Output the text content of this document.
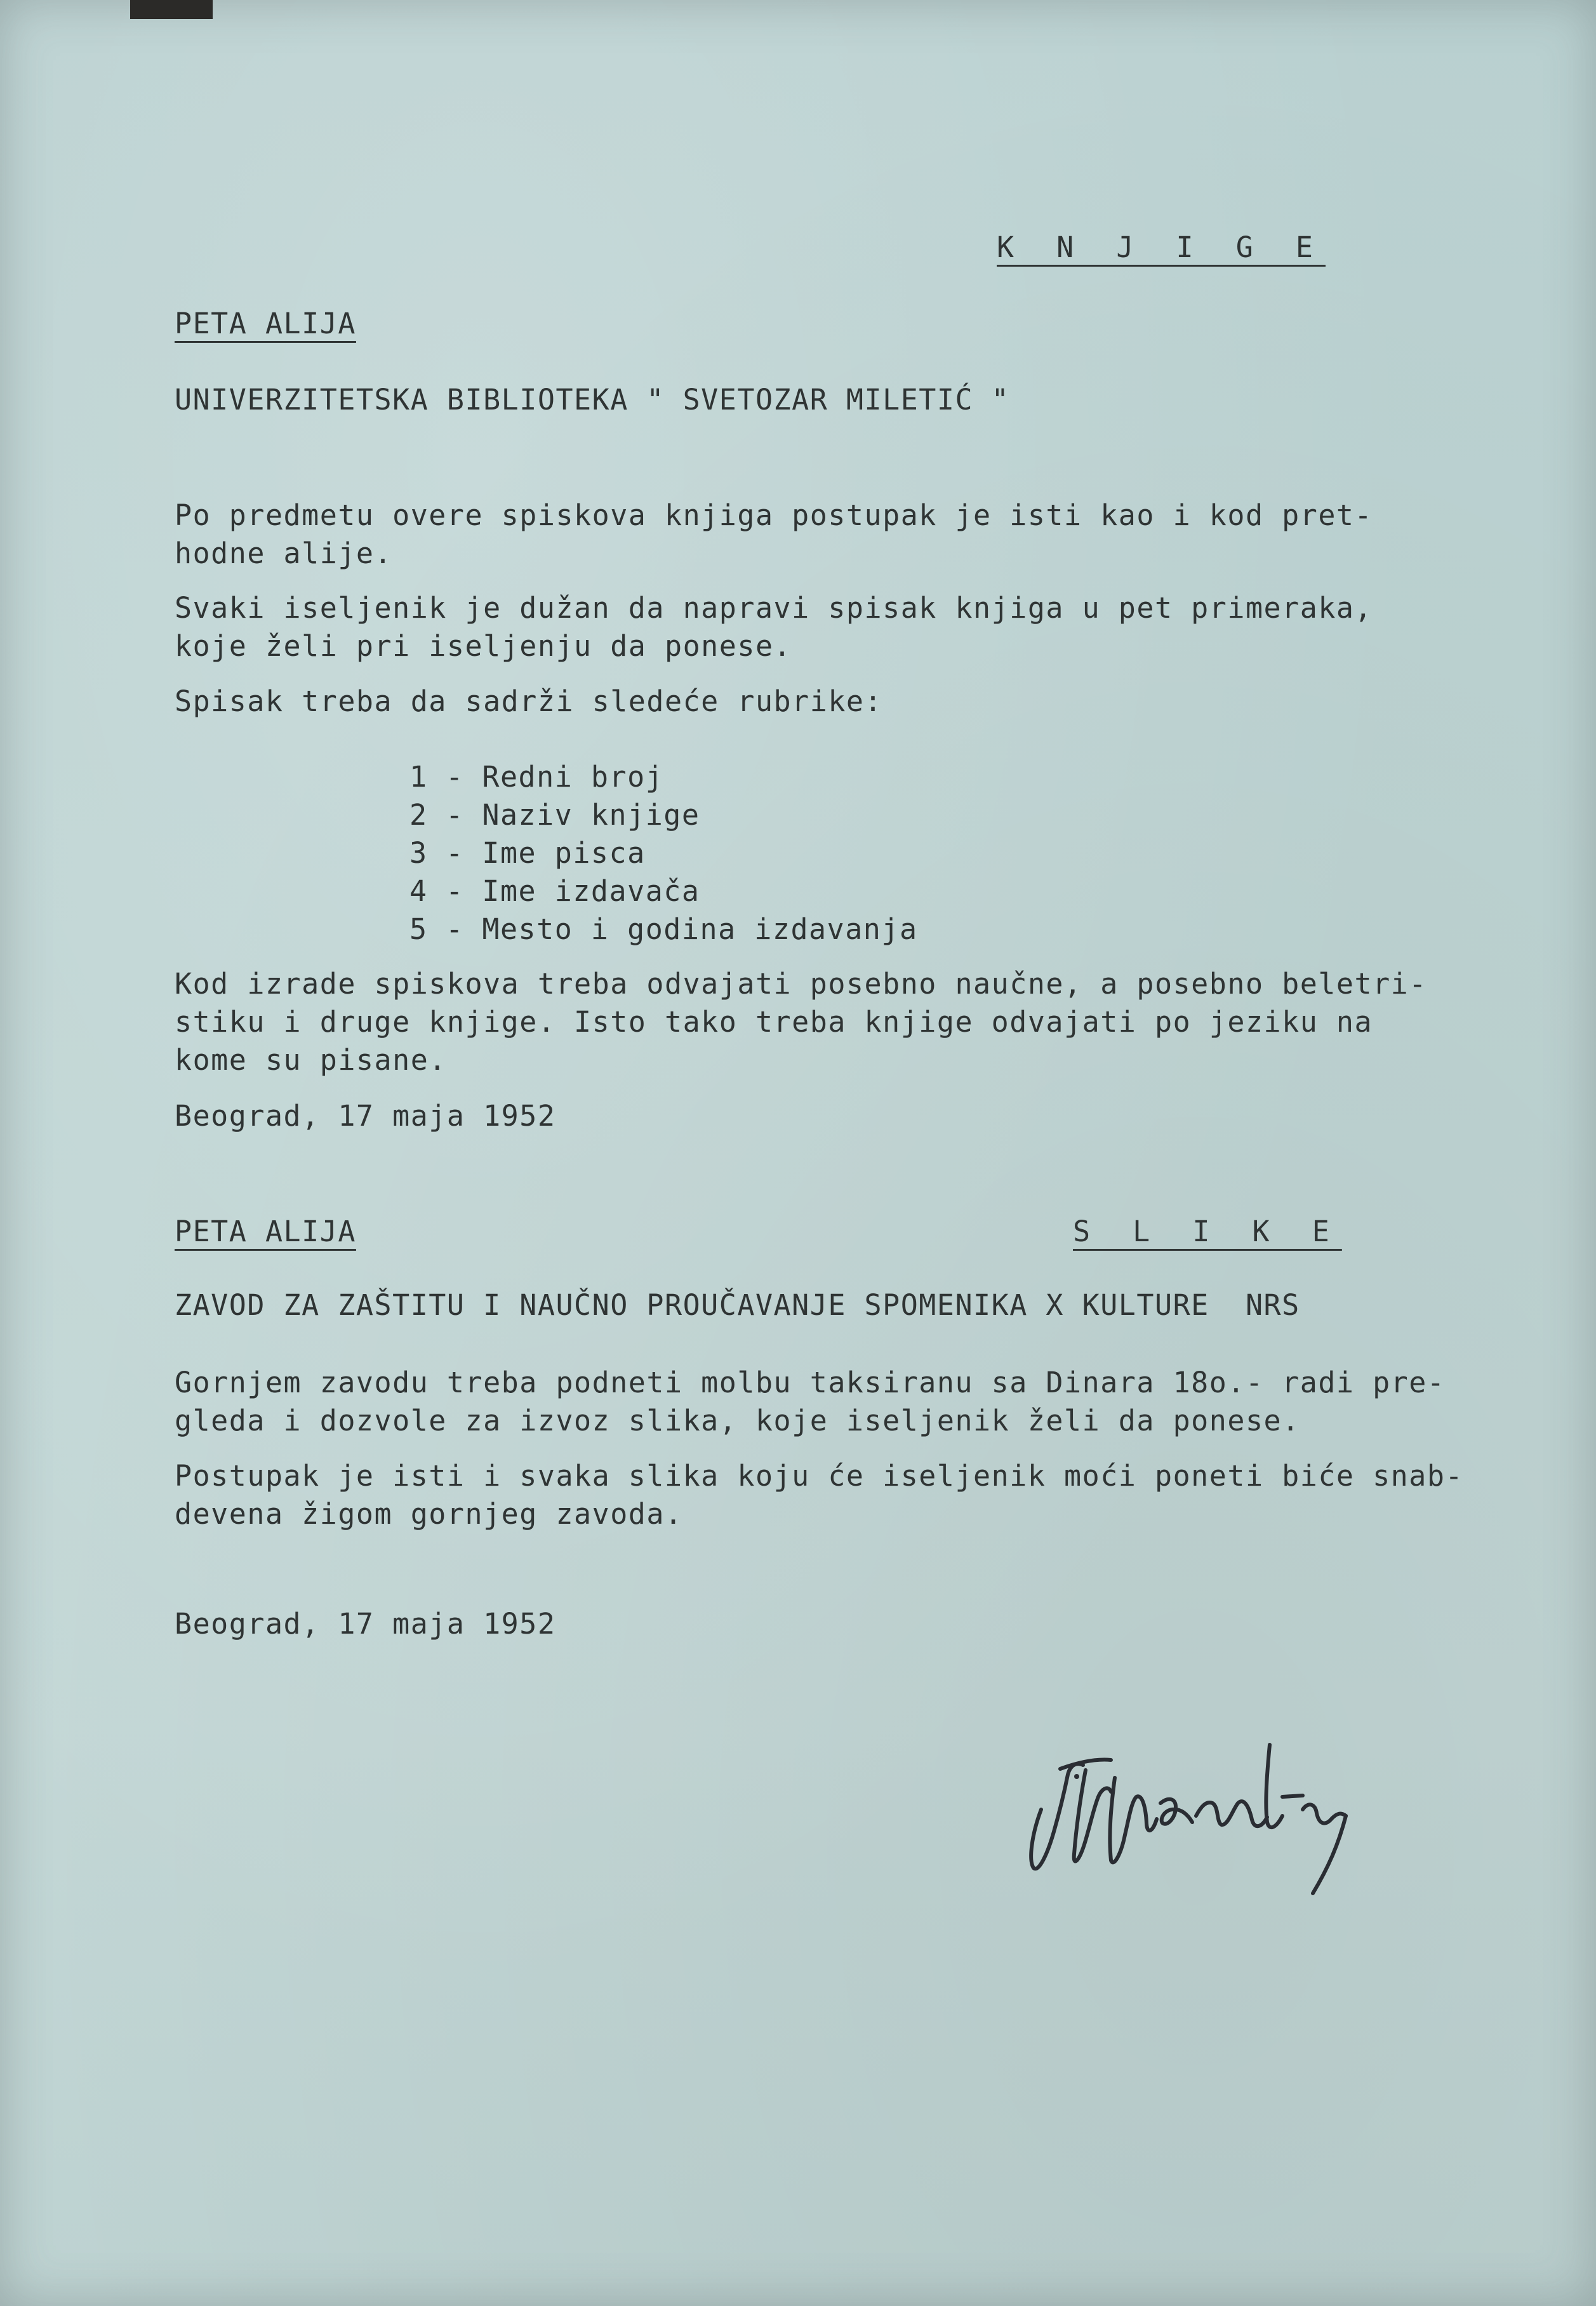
K N J I G E
PETA ALIJA
UNIVERZITETSKA BIBLIOTEKA " SVETOZAR MILETIĆ "
Po predmetu overe spiskova knjiga postupak je isti kao i kod pret-
hodne alije.
Svaki iseljenik je dužan da napravi spisak knjiga u pet primeraka,
koje želi pri iseljenju da ponese.
Spisak treba da sadrži sledeće rubrike:
1 - Redni broj
2 - Naziv knjige
3 - Ime pisca
4 - Ime izdavača
5 - Mesto i godina izdavanja
Kod izrade spiskova treba odvajati posebno naučne, a posebno beletri-
stiku i druge knjige. Isto tako treba knjige odvajati po jeziku na
kome su pisane.
Beograd, 17 maja 1952
PETA ALIJA	S L I K E
ZAVOD ZA ZAŠTITU I NAUČNO PROUČAVANJE SPOMENIKA X KULTURE  NRS
Gornjem zavodu treba podneti molbu taksiranu sa Dinara 18o.- radi pre-
gleda i dozvole za izvoz slika, koje iseljenik želi da ponese.
Postupak je isti i svaka slika koju će iseljenik moći poneti biće snab-
devena žigom gornjeg zavoda.
Beograd, 17 maja 1952
